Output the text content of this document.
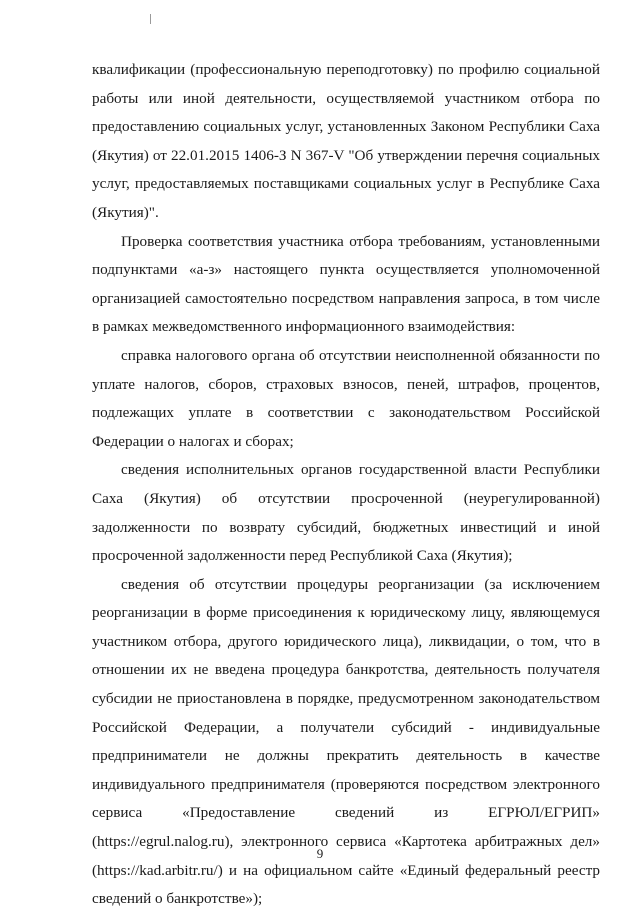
квалификации (профессиональную переподготовку) по профилю социальной работы или иной деятельности, осуществляемой участником отбора по предоставлению социальных услуг, установленных Законом Республики Саха (Якутия) от 22.01.2015 1406-З N 367-V "Об утверждении перечня социальных услуг, предоставляемых поставщиками социальных услуг в Республике Саха (Якутия)".

Проверка соответствия участника отбора требованиям, установленными подпунктами «а-з» настоящего пункта осуществляется уполномоченной организацией самостоятельно посредством направления запроса, в том числе в рамках межведомственного информационного взаимодействия:

справка налогового органа об отсутствии неисполненной обязанности по уплате налогов, сборов, страховых взносов, пеней, штрафов, процентов, подлежащих уплате в соответствии с законодательством Российской Федерации о налогах и сборах;

сведения исполнительных органов государственной власти Республики Саха (Якутия) об отсутствии просроченной (неурегулированной) задолженности по возврату субсидий, бюджетных инвестиций и иной просроченной задолженности перед Республикой Саха (Якутия);

сведения об отсутствии процедуры реорганизации (за исключением реорганизации в форме присоединения к юридическому лицу, являющемуся участником отбора, другого юридического лица), ликвидации, о том, что в отношении их не введена процедура банкротства, деятельность получателя субсидии не приостановлена в порядке, предусмотренном законодательством Российской Федерации, а получатели субсидий - индивидуальные предприниматели не должны прекратить деятельность в качестве индивидуального предпринимателя (проверяются посредством электронного сервиса «Предоставление сведений из ЕГРЮЛ/ЕГРИП» (https://egrul.nalog.ru), электронного сервиса «Картотека арбитражных дел» (https://kad.arbitr.ru/) и на официальном сайте «Единый федеральный реестр сведений о банкротстве»);

9
